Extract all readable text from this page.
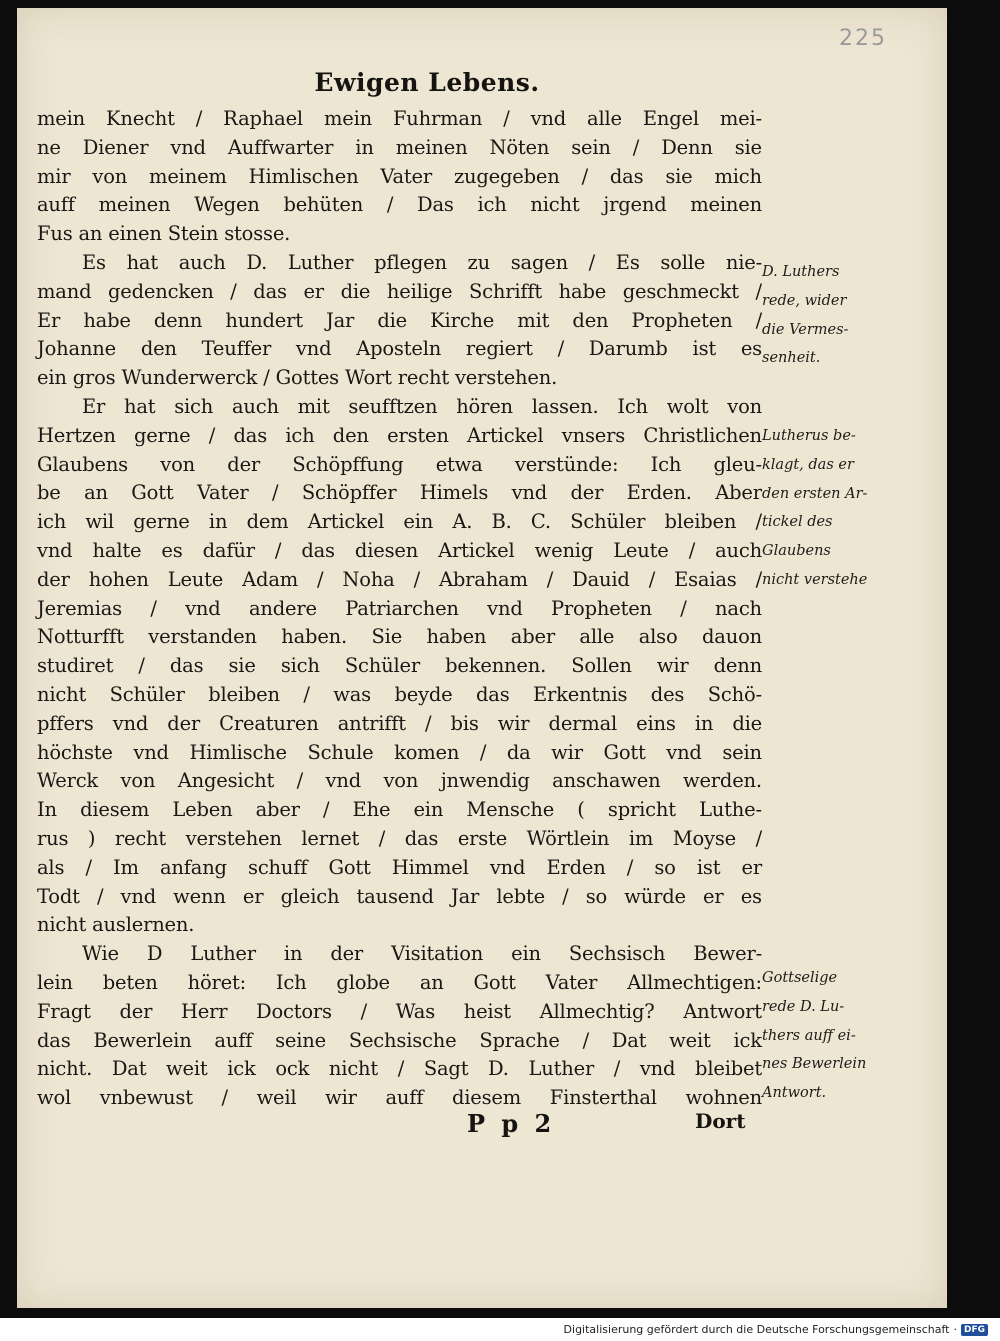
225
Ewigen Lebens.
mein Knecht / Raphael mein Fuhrman / vnd alle Engel mei-
ne Diener vnd Auffwarter in meinen Nöten sein / Denn sie
mir von meinem Himlischen Vater zugegeben / das sie mich
auff meinen Wegen behüten / Das ich nicht jrgend meinen
Fus an einen Stein stosse.
Es hat auch D. Luther pflegen zu sagen / Es solle nie-
mand gedencken / das er die heilige Schrifft habe geschmeckt /
Er habe denn hundert Jar die Kirche mit den Propheten /
Johanne den Teuffer vnd Aposteln regiert / Darumb ist es
ein gros Wunderwerck / Gottes Wort recht verstehen.
Er hat sich auch mit seufftzen hören lassen. Ich wolt von
Hertzen gerne / das ich den ersten Artickel vnsers Christlichen
Glaubens von der Schöpffung etwa verstünde: Ich gleu-
be an Gott Vater / Schöpffer Himels vnd der Erden. Aber
ich wil gerne in dem Artickel ein A. B. C. Schüler bleiben /
vnd halte es dafür / das diesen Artickel wenig Leute / auch
der hohen Leute Adam / Noha / Abraham / Dauid / Esaias /
Jeremias / vnd andere Patriarchen vnd Propheten / nach
Notturfft verstanden haben. Sie haben aber alle also dauon
studiret / das sie sich Schüler bekennen. Sollen wir denn
nicht Schüler bleiben / was beyde das Erkentnis des Schö-
pffers vnd der Creaturen antrifft / bis wir dermal eins in die
höchste vnd Himlische Schule komen / da wir Gott vnd sein
Werck von Angesicht / vnd von jnwendig anschawen werden.
In diesem Leben aber / Ehe ein Mensche ( spricht Luthe-
rus ) recht verstehen lernet / das erste Wörtlein im Moyse /
als / Im anfang schuff Gott Himmel vnd Erden / so ist er
Todt / vnd wenn er gleich tausend Jar lebte / so würde er es
nicht auslernen.
Wie D Luther in der Visitation ein Sechsisch Bewer-
lein beten höret: Ich globe an Gott Vater Allmechtigen:
Fragt der Herr Doctors / Was heist Allmechtig? Antwort
das Bewerlein auff seine Sechsische Sprache / Dat weit ick
nicht. Dat weit ick ock nicht / Sagt D. Luther / vnd bleibet
wol vnbewust / weil wir auff diesem Finsterthal wohnen
D. Luthers
rede, wider
die Vermes-
senheit.
Lutherus be-
klagt, das er
den ersten Ar-
tickel des
Glaubens
nicht verstehe
Gottselige
rede D. Lu-
thers auff ei-
nes Bewerlein
Antwort.
P p 2	Dort
Digitalisierung gefördert durch die Deutsche Forschungsgemeinschaft · DFG
